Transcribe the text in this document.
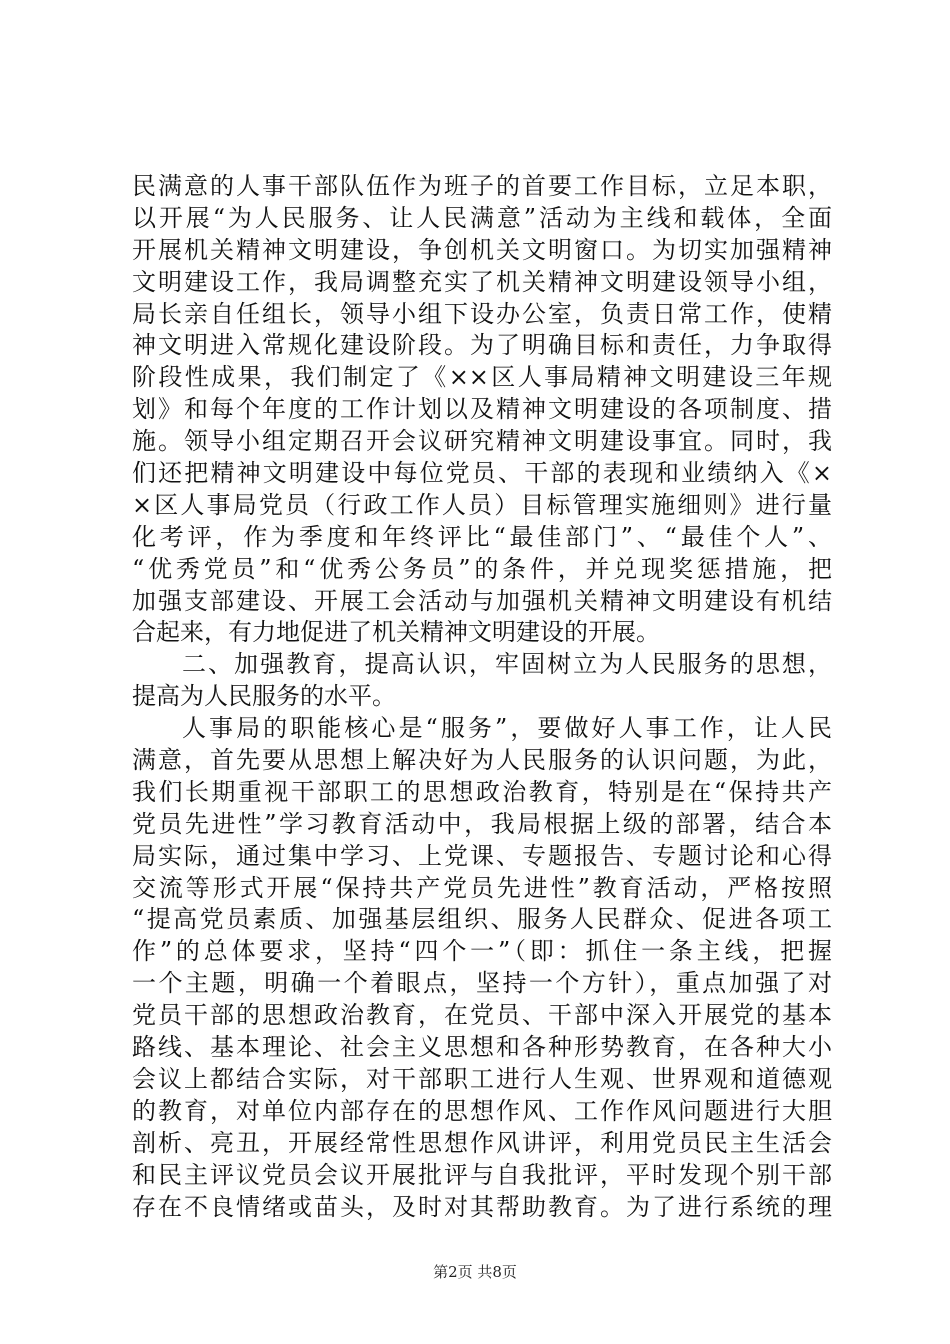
民满意的人事干部队伍作为班子的首要工作目标，立足本职，
以开展“为人民服务、让人民满意”活动为主线和载体，全面
开展机关精神文明建设，争创机关文明窗口。为切实加强精神
文明建设工作，我局调整充实了机关精神文明建设领导小组，
局长亲自任组长，领导小组下设办公室，负责日常工作，使精
神文明进入常规化建设阶段。为了明确目标和责任，力争取得
阶段性成果，我们制定了《××区人事局精神文明建设三年规
划》和每个年度的工作计划以及精神文明建设的各项制度、措
施。领导小组定期召开会议研究精神文明建设事宜。同时，我
们还把精神文明建设中每位党员、干部的表现和业绩纳入《×
×区人事局党员（行政工作人员）目标管理实施细则》进行量
化考评，作为季度和年终评比“最佳部门”、“最佳个人”、
“优秀党员”和“优秀公务员”的条件，并兑现奖惩措施，把
加强支部建设、开展工会活动与加强机关精神文明建设有机结
合起来，有力地促进了机关精神文明建设的开展。
二、加强教育，提高认识，牢固树立为人民服务的思想，
提高为人民服务的水平。
人事局的职能核心是“服务”，要做好人事工作，让人民
满意，首先要从思想上解决好为人民服务的认识问题，为此，
我们长期重视干部职工的思想政治教育，特别是在“保持共产
党员先进性”学习教育活动中，我局根据上级的部署，结合本
局实际，通过集中学习、上党课、专题报告、专题讨论和心得
交流等形式开展“保持共产党员先进性”教育活动，严格按照
“提高党员素质、加强基层组织、服务人民群众、促进各项工
作”的总体要求，坚持“四个一”（即：抓住一条主线，把握
一个主题，明确一个着眼点，坚持一个方针），重点加强了对
党员干部的思想政治教育，在党员、干部中深入开展党的基本
路线、基本理论、社会主义思想和各种形势教育，在各种大小
会议上都结合实际，对干部职工进行人生观、世界观和道德观
的教育，对单位内部存在的思想作风、工作作风问题进行大胆
剖析、亮丑，开展经常性思想作风讲评，利用党员民主生活会
和民主评议党员会议开展批评与自我批评，平时发现个别干部
存在不良情绪或苗头，及时对其帮助教育。为了进行系统的理
第2页 共8页
